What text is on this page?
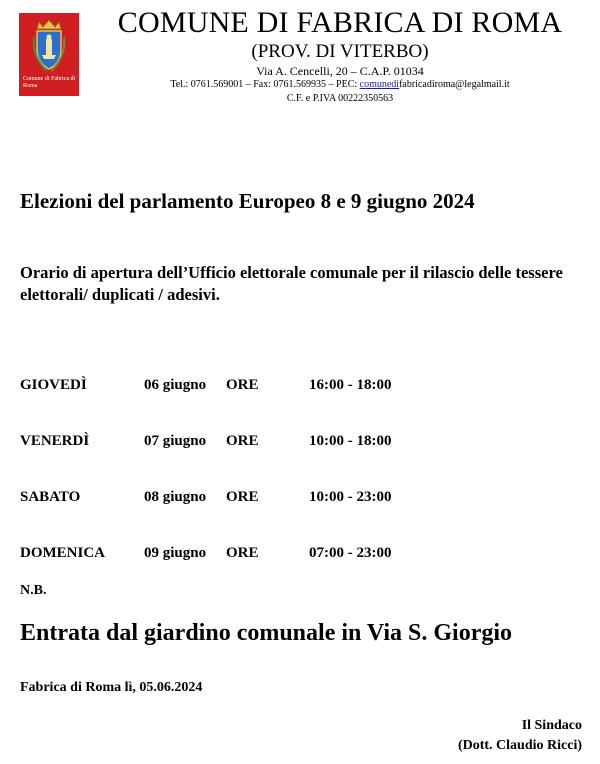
Comune di Fabrica di Roma
COMUNE DI FABRICA DI ROMA
(PROV. DI VITERBO)
Via A. Cencelli, 20 – C.A.P. 01034
Tel.: 0761.569001 – Fax: 0761.569935 – PEC: comunedifabricadiroma@legalmail.it
C.F. e P.IVA 00222350563
Elezioni del parlamento Europeo 8 e 9 giugno 2024
Orario di apertura dell’Ufficio elettorale comunale per il rilascio delle tessere elettorali/ duplicati / adesivi.
GIOVEDÌ	06 giugno ORE	16:00 - 18:00
VENERDÌ	07 giugno ORE	10:00 - 18:00
SABATO	08 giugno ORE	10:00 - 23:00
DOMENICA	09 giugno ORE	07:00 - 23:00
N.B.
Entrata dal giardino comunale in Via S. Giorgio
Fabrica di Roma lì, 05.06.2024
Il Sindaco
(Dott. Claudio Ricci)
